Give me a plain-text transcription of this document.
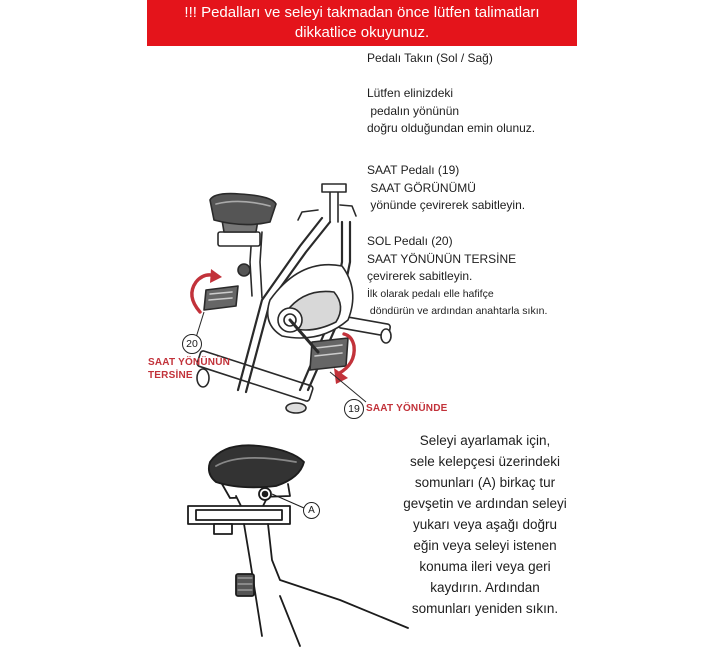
!!! Pedalları ve seleyi takmadan önce lütfen talimatları
dikkatlice okuyunuz.
20
SAAT YÖNÜNÜN
TERSİNE
19 SAAT YÖNÜNDE
A
Pedalı Takın (Sol / Sağ)
Lütfen elinizdeki
pedalın yönünün
doğru olduğundan emin olunuz.
SAAT Pedalı (19)
SAAT GÖRÜNÜMÜ
yönünde çevirerek sabitleyin.
SOL Pedalı (20)
SAAT YÖNÜNÜN TERSİNE
çevirerek sabitleyin.
İlk olarak pedalı elle hafifçe
döndürün ve ardından anahtarla sıkın.
Seleyi ayarlamak için,
sele kelepçesi üzerindeki
somunları (A) birkaç tur
gevşetin ve ardından seleyi
yukarı veya aşağı doğru
eğin veya seleyi istenen
konuma ileri veya geri
kaydırın. Ardından
somunları yeniden sıkın.
